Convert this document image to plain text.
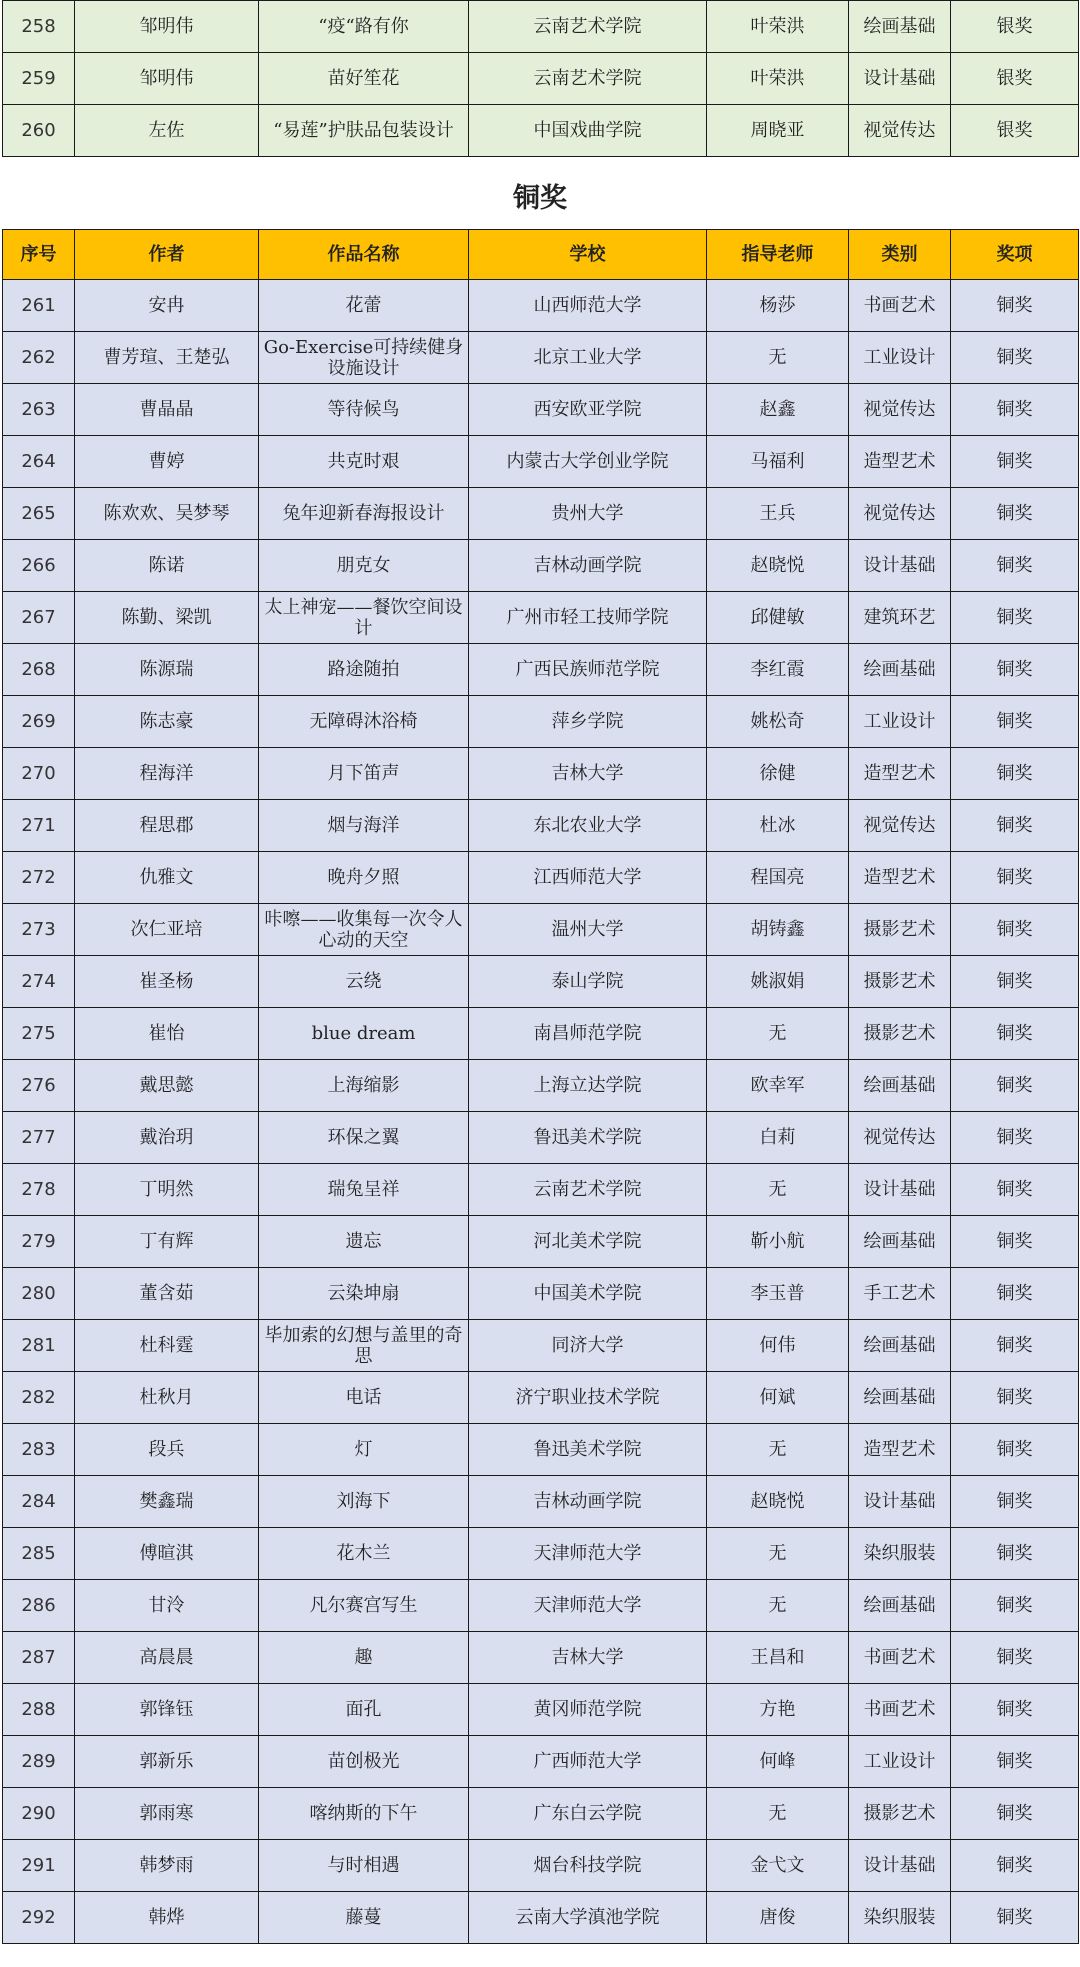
258	邹明伟	“疫“路有你	云南艺术学院	叶荣洪	绘画基础	银奖
259	邹明伟	苗好笙花	云南艺术学院	叶荣洪	设计基础	银奖
260	左佐	“易莲”护肤品包装设计	中国戏曲学院	周晓亚	视觉传达	银奖
铜奖
序号	作者	作品名称	学校	指导老师	类别	奖项
261	安冉	花蕾	山西师范大学	杨莎	书画艺术	铜奖
262	曹芳瑄、王楚弘	Go-Exercise可持续健身设施设计	北京工业大学	无	工业设计	铜奖
263	曹晶晶	等待候鸟	西安欧亚学院	赵鑫	视觉传达	铜奖
264	曹婷	共克时艰	内蒙古大学创业学院	马福利	造型艺术	铜奖
265	陈欢欢、吴梦琴	兔年迎新春海报设计	贵州大学	王兵	视觉传达	铜奖
266	陈诺	朋克女	吉林动画学院	赵晓悦	设计基础	铜奖
267	陈勤、梁凯	太上神宠——餐饮空间设计	广州市轻工技师学院	邱健敏	建筑环艺	铜奖
268	陈源瑞	路途随拍	广西民族师范学院	李红霞	绘画基础	铜奖
269	陈志豪	无障碍沐浴椅	萍乡学院	姚松奇	工业设计	铜奖
270	程海洋	月下笛声	吉林大学	徐健	造型艺术	铜奖
271	程思郡	烟与海洋	东北农业大学	杜冰	视觉传达	铜奖
272	仇雅文	晚舟夕照	江西师范大学	程国亮	造型艺术	铜奖
273	次仁亚培	咔嚓——收集每一次令人心动的天空	温州大学	胡铸鑫	摄影艺术	铜奖
274	崔圣杨	云绕	泰山学院	姚淑娟	摄影艺术	铜奖
275	崔怡	blue dream	南昌师范学院	无	摄影艺术	铜奖
276	戴思懿	上海缩影	上海立达学院	欧幸军	绘画基础	铜奖
277	戴治玥	环保之翼	鲁迅美术学院	白莉	视觉传达	铜奖
278	丁明然	瑞兔呈祥	云南艺术学院	无	设计基础	铜奖
279	丁有辉	遗忘	河北美术学院	靳小航	绘画基础	铜奖
280	董含茹	云染坤扇	中国美术学院	李玉普	手工艺术	铜奖
281	杜科霆	毕加索的幻想与盖里的奇思	同济大学	何伟	绘画基础	铜奖
282	杜秋月	电话	济宁职业技术学院	何斌	绘画基础	铜奖
283	段兵	灯	鲁迅美术学院	无	造型艺术	铜奖
284	樊鑫瑞	刘海下	吉林动画学院	赵晓悦	设计基础	铜奖
285	傅暄淇	花木兰	天津师范大学	无	染织服装	铜奖
286	甘泠	凡尔赛宫写生	天津师范大学	无	绘画基础	铜奖
287	高晨晨	趣	吉林大学	王昌和	书画艺术	铜奖
288	郭锋钰	面孔	黄冈师范学院	方艳	书画艺术	铜奖
289	郭新乐	苗创极光	广西师范大学	何峰	工业设计	铜奖
290	郭雨寒	喀纳斯的下午	广东白云学院	无	摄影艺术	铜奖
291	韩梦雨	与时相遇	烟台科技学院	金弋文	设计基础	铜奖
292	韩烨	藤蔓	云南大学滇池学院	唐俊	染织服装	铜奖
